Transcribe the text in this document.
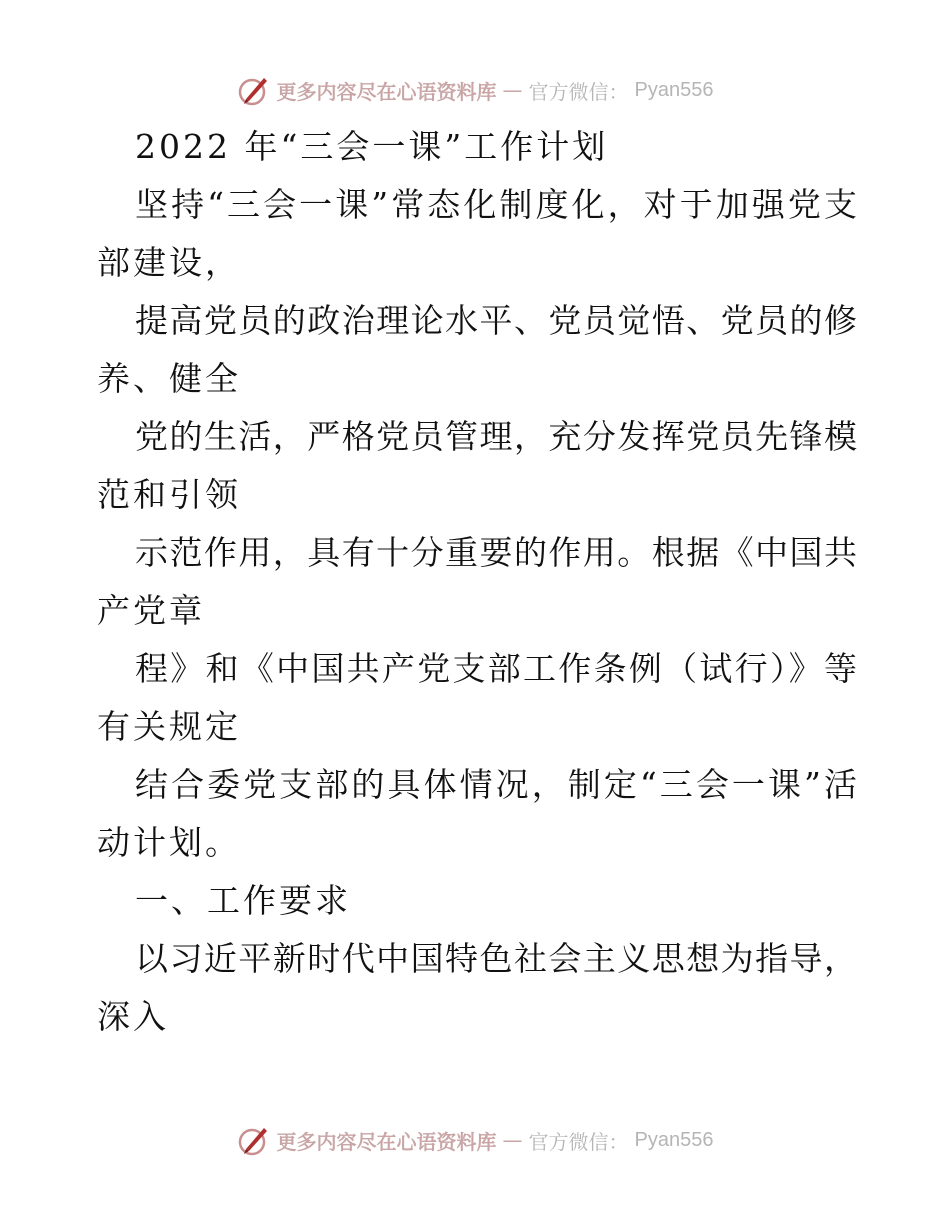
更多内容尽在心语资料库 — 官方微信： Pyan556
2022 年“三会一课”工作计划
坚持“三会一课”常态化制度化，对于加强党支
部建设，
提高党员的政治理论水平、党员觉悟、党员的修
养、健全
党的生活，严格党员管理，充分发挥党员先锋模
范和引领
示范作用，具有十分重要的作用。根据《中国共
产党章
程》和《中国共产党支部工作条例（试行）》等
有关规定
结合委党支部的具体情况，制定“三会一课”活
动计划。
一、工作要求
以习近平新时代中国特色社会主义思想为指导，
深入
更多内容尽在心语资料库 — 官方微信： Pyan556
